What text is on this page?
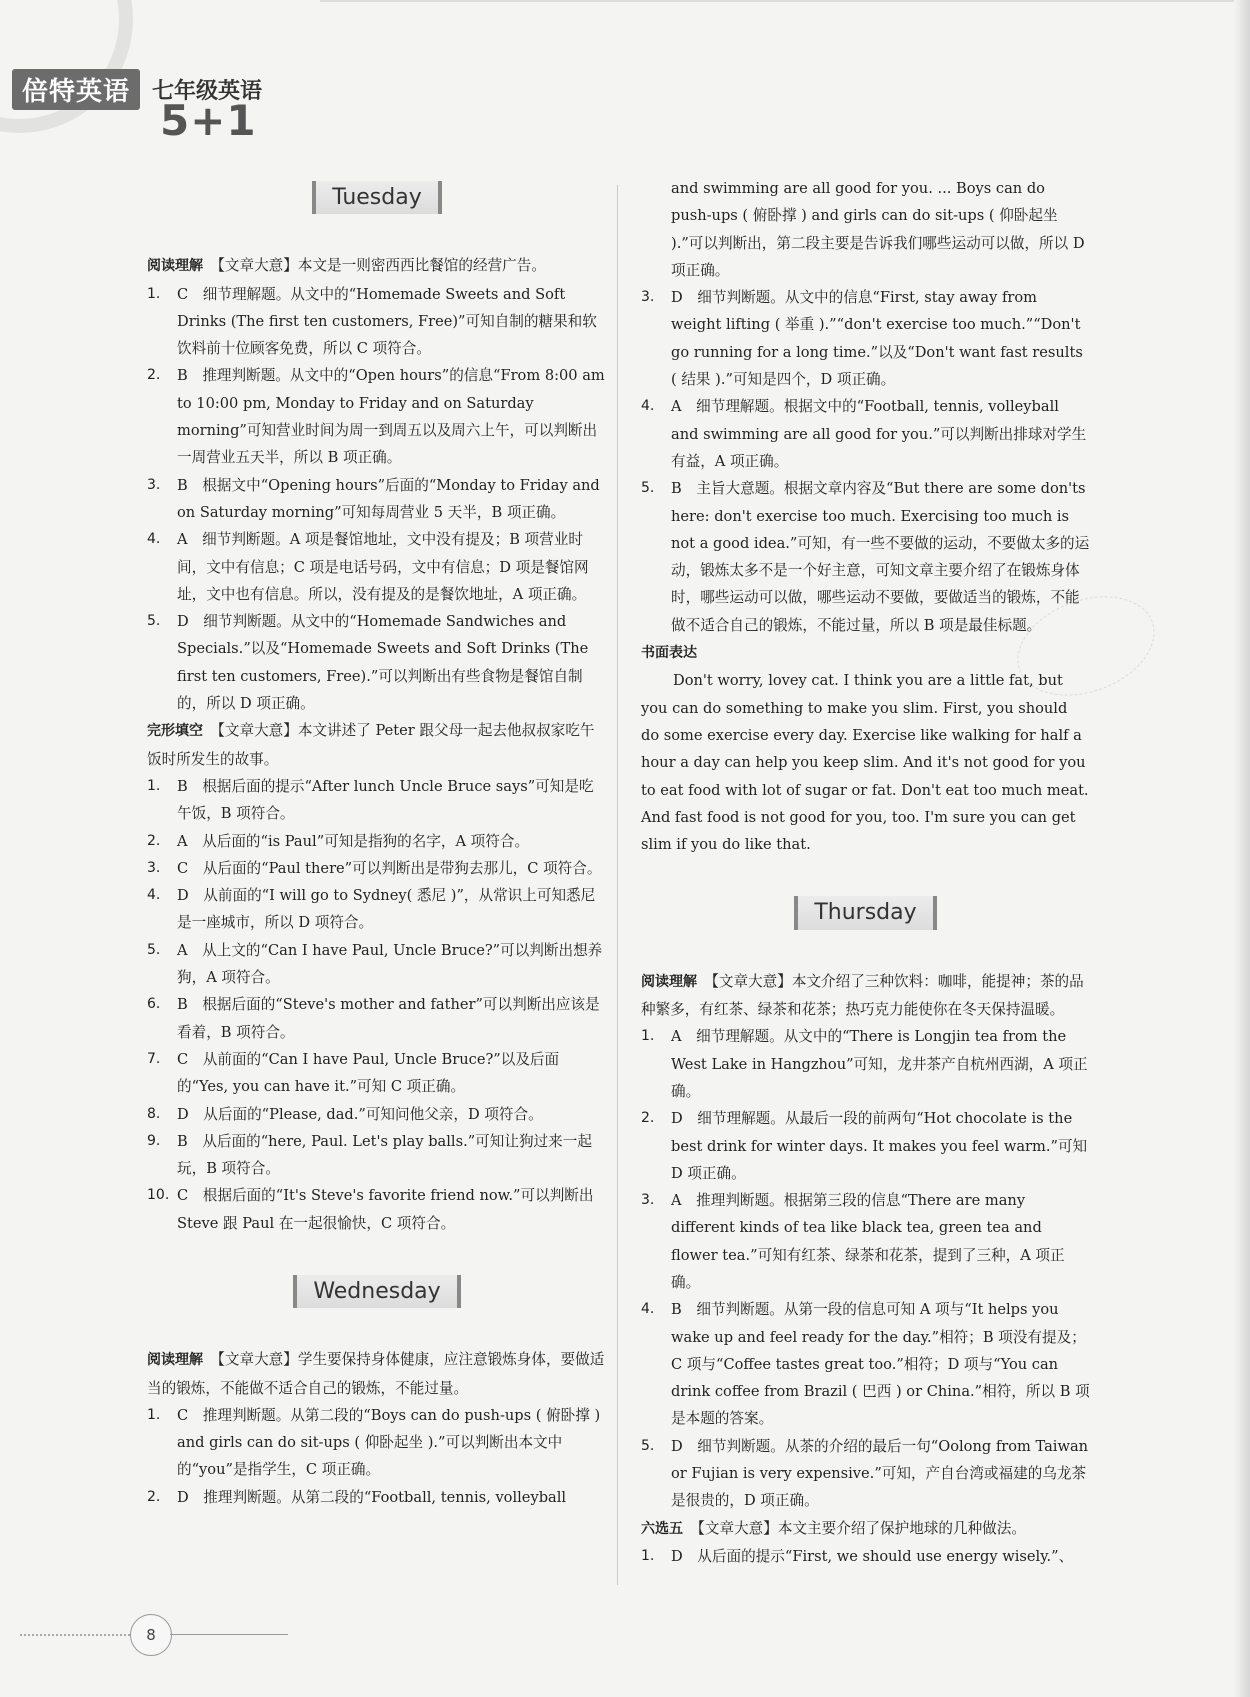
倍特英语	七年级英语
5+1
Tuesday

阅读理解　 【文章大意】本文是一则密西西比餐馆的经营广告。

1.	C　细节理解题。从文中的“Homemade Sweets and Soft Drinks (The first ten customers, Free)”可知自制的糖果和软饮料前十位顾客免费，所以 C 项符合。
2.	B　推理判断题。从文中的“Open hours”的信息“From 8:00 am to 10:00 pm, Monday to Friday and on Saturday morning”可知营业时间为周一到周五以及周六上午，可以判断出一周营业五天半，所以 B 项正确。
3.	B　根据文中“Opening hours”后面的“Monday to Friday and on Saturday morning”可知每周营业 5 天半，B 项正确。
4.	A　细节判断题。A 项是餐馆地址，文中没有提及；B 项营业时间，文中有信息；C 项是电话号码，文中有信息；D 项是餐馆网址，文中也有信息。所以，没有提及的是餐饮地址，A 项正确。
5.	D　细节判断题。从文中的“Homemade Sandwiches and Specials.”以及“Homemade Sweets and Soft Drinks (The first ten customers, Free).”可以判断出有些食物是餐馆自制的，所以 D 项正确。

完形填空　 【文章大意】本文讲述了 Peter 跟父母一起去他叔叔家吃午饭时所发生的故事。

1.	B　根据后面的提示“After lunch Uncle Bruce says”可知是吃午饭，B 项符合。
2.	A　从后面的“is Paul”可知是指狗的名字，A 项符合。
3.	C　从后面的“Paul there”可以判断出是带狗去那儿，C 项符合。
4.	D　从前面的“I will go to Sydney( 悉尼 )”，从常识上可知悉尼是一座城市，所以 D 项符合。
5.	A　从上文的“Can I have Paul, Uncle Bruce?”可以判断出想养狗，A 项符合。
6.	B　根据后面的“Steve's mother and father”可以判断出应该是看着，B 项符合。
7.	C　从前面的“Can I have Paul, Uncle Bruce?”以及后面的“Yes, you can have it.”可知 C 项正确。
8.	D　从后面的“Please, dad.”可知问他父亲，D 项符合。
9.	B　从后面的“here, Paul. Let's play balls.”可知让狗过来一起玩，B 项符合。
10. C　根据后面的“It's Steve's favorite friend now.”可以判断出 Steve 跟 Paul 在一起很愉快，C 项符合。
Wednesday

阅读理解　 【文章大意】学生要保持身体健康，应注意锻炼身体，要做适当的锻炼，不能做不适合自己的锻炼，不能过量。

1.	C　推理判断题。从第二段的“Boys can do push-ups ( 俯卧撑 ) and girls can do sit-ups ( 仰卧起坐 ).”可以判断出本文中的“you”是指学生，C 项正确。
2.	D　推理判断题。从第二段的“Football, tennis, volleyball

and swimming are all good for you. ... Boys can do push-ups ( 俯卧撑 ) and girls can do sit-ups ( 仰卧起坐 ).”可以判断出，第二段主要是告诉我们哪些运动可以做，所以 D 项正确。

3.	D　细节判断题。从文中的信息“First, stay away from weight lifting ( 举重 ).”“don't exercise too much.”“Don't go running for a long time.”以及“Don't want fast results ( 结果 ).”可知是四个，D 项正确。
4.	A　细节理解题。根据文中的“Football, tennis, volleyball and swimming are all good for you.”可以判断出排球对学生有益，A 项正确。
5.	B　主旨大意题。根据文章内容及“But there are some don'ts here: don't exercise too much. Exercising too much is not a good idea.”可知，有一些不要做的运动，不要做太多的运动，锻炼太多不是一个好主意，可知文章主要介绍了在锻炼身体时，哪些运动可以做，哪些运动不要做，要做适当的锻炼，不能做不适合自己的锻炼，不能过量，所以 B 项是最佳标题。

书面表达

Don't worry, lovey cat. I think you are a little fat, but you can do something to make you slim. First, you should do some exercise every day. Exercise like walking for half a hour a day can help you keep slim. And it's not good for you to eat food with lot of sugar or fat. Don't eat too much meat. And fast food is not good for you, too. I'm sure you can get slim if you do like that.

Thursday

阅读理解　 【文章大意】本文介绍了三种饮料：咖啡，能提神；茶的品种繁多，有红茶、绿茶和花茶；热巧克力能使你在冬天保持温暖。

1.	A　细节理解题。从文中的“There is Longjin tea from the West Lake in Hangzhou”可知，龙井茶产自杭州西湖，A 项正确。
2.	D　细节理解题。从最后一段的前两句“Hot chocolate is the best drink for winter days. It makes you feel warm.”可知 D 项正确。
3.	A　推理判断题。根据第三段的信息“There are many different kinds of tea like black tea, green tea and flower tea.”可知有红茶、绿茶和花茶，提到了三种，A 项正确。
4.	B　细节判断题。从第一段的信息可知 A 项与“It helps you wake up and feel ready for the day.”相符；B 项没有提及；C 项与“Coffee tastes great too.”相符；D 项与“You can drink coffee from Brazil ( 巴西 ) or China.”相符，所以 B 项是本题的答案。
5.	D　细节判断题。从茶的介绍的最后一句“Oolong from Taiwan or Fujian is very expensive.”可知，产自台湾或福建的乌龙茶是很贵的，D 项正确。

六选五　 【文章大意】本文主要介绍了保护地球的几种做法。

1.	D　从后面的提示“First, we should use energy wisely.”、
8
